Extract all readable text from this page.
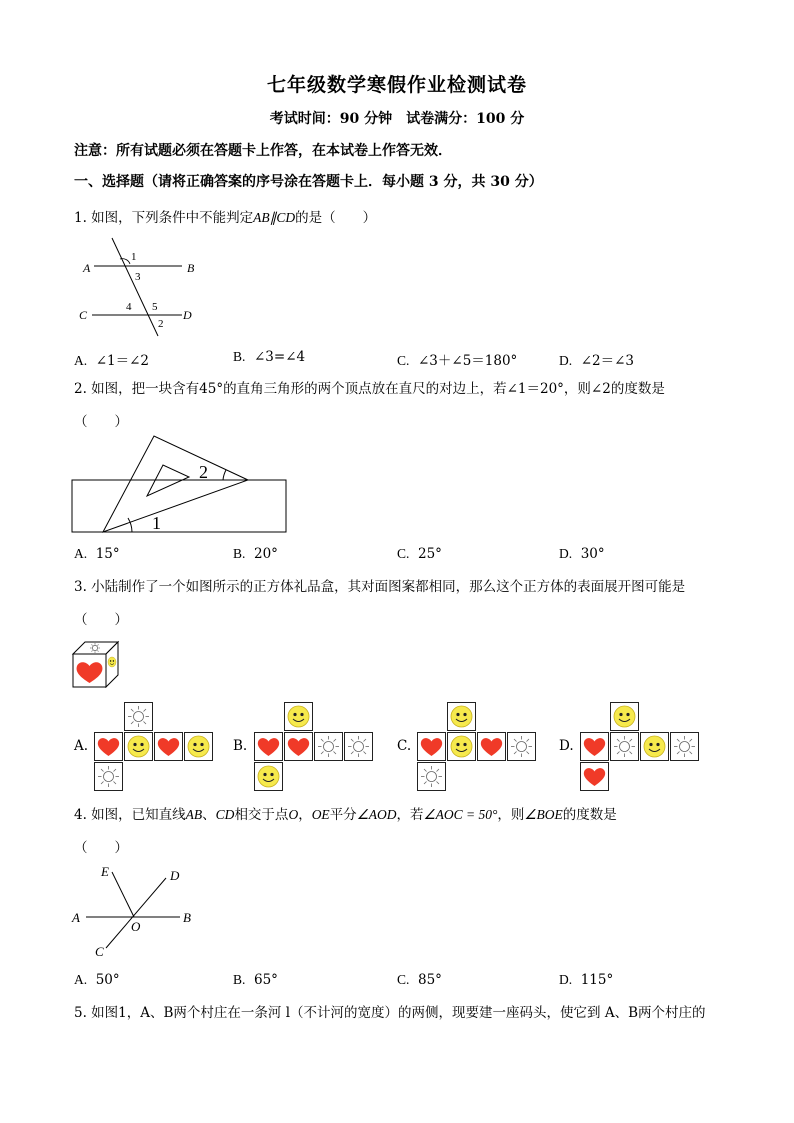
七年级数学寒假作业检测试卷
考试时间：90 分钟　试卷满分：100 分
注意：所有试题必须在答题卡上作答，在本试卷上作答无效．
一、选择题（请将正确答案的序号涂在答题卡上．每小题 3 分，共 30 分）
1. 如图，下列条件中不能判定AB∥CD的是（　　）
A	B
C	D
1
3
4 5
2
A. ∠1＝∠2	B. ∠3=∠4	C. ∠3＋∠5＝180°	D. ∠2＝∠3
2. 如图，把一块含有45°的直角三角形的两个顶点放在直尺的对边上，若∠1＝20°，则∠2的度数是
（　　）
1
2
A. 15°	B. 20°	C. 25°	D. 30°
3. 小陆制作了一个如图所示的正方体礼品盒，其对面图案都相同，那么这个正方体的表面展开图可能是
（　　）
A.	B.	C.	D.
4. 如图，已知直线AB、CD相交于点O，OE平分∠AOD，若∠AOC = 50°，则∠BOE的度数是
（　　）
E	D
A	B
O
C
A. 50°	B. 65°	C. 85°	D. 115°
5. 如图1，A、B两个村庄在一条河 l（不计河的宽度）的两侧，现要建一座码头，使它到 A、B两个村庄的
